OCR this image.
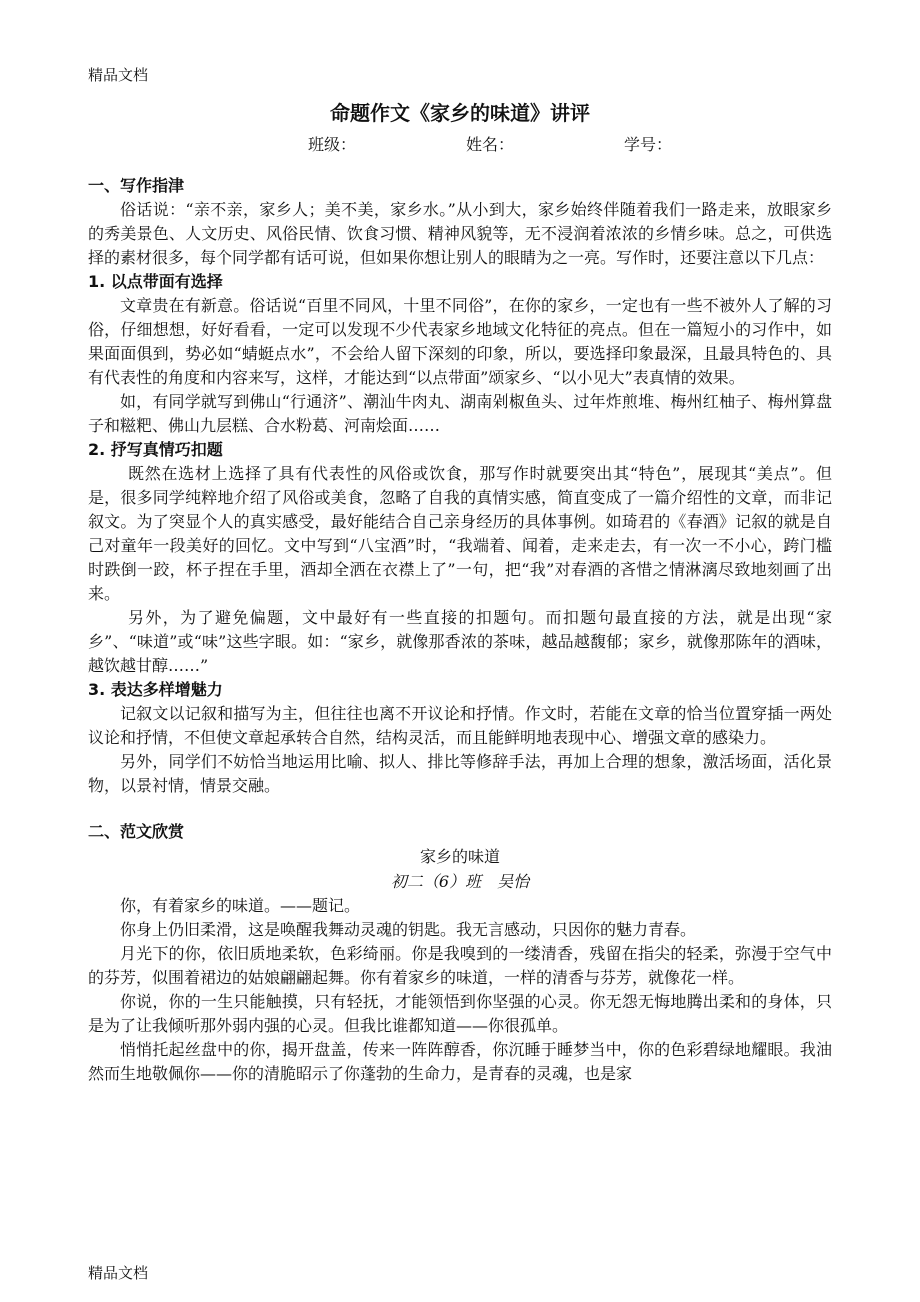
精品文档
命题作文《家乡的味道》讲评
班级：	姓名：	学号：
一、写作指津

俗话说：“亲不亲，家乡人；美不美，家乡水。”从小到大，家乡始终伴随着我们一路走来，放眼家乡的秀美景色、人文历史、风俗民情、饮食习惯、精神风貌等，无不浸润着浓浓的乡情乡味。总之，可供选择的素材很多，每个同学都有话可说，但如果你想让别人的眼睛为之一亮。写作时，还要注意以下几点：

1. 以点带面有选择

文章贵在有新意。俗话说“百里不同风，十里不同俗”，在你的家乡，一定也有一些不被外人了解的习俗，仔细想想，好好看看，一定可以发现不少代表家乡地域文化特征的亮点。但在一篇短小的习作中，如果面面俱到，势必如“蜻蜓点水”，不会给人留下深刻的印象，所以，要选择印象最深，且最具特色的、具有代表性的角度和内容来写，这样，才能达到“以点带面”颂家乡、“以小见大”表真情的效果。

如，有同学就写到佛山“行通济”、潮汕牛肉丸、湖南剁椒鱼头、过年炸煎堆、梅州红柚子、梅州算盘子和糍粑、佛山九层糕、合水粉葛、河南烩面……

2. 抒写真情巧扣题

既然在选材上选择了具有代表性的风俗或饮食，那写作时就要突出其“特色”，展现其“美点”。但是，很多同学纯粹地介绍了风俗或美食，忽略了自我的真情实感，简直变成了一篇介绍性的文章，而非记叙文。为了突显个人的真实感受，最好能结合自己亲身经历的具体事例。如琦君的《春酒》记叙的就是自己对童年一段美好的回忆。文中写到“八宝酒”时，“我端着、闻着，走来走去，有一次一不小心，跨门槛时跌倒一跤，杯子捏在手里，酒却全洒在衣襟上了”一句，把“我”对春酒的吝惜之情淋漓尽致地刻画了出来。

另外，为了避免偏题，文中最好有一些直接的扣题句。而扣题句最直接的方法，就是出现“家乡”、“味道”或“味”这些字眼。如：“家乡，就像那香浓的茶味，越品越馥郁；家乡，就像那陈年的酒味，越饮越甘醇……”

3. 表达多样增魅力

记叙文以记叙和描写为主，但往往也离不开议论和抒情。作文时，若能在文章的恰当位置穿插一两处议论和抒情，不但使文章起承转合自然，结构灵活，而且能鲜明地表现中心、增强文章的感染力。

另外，同学们不妨恰当地运用比喻、拟人、排比等修辞手法，再加上合理的想象，激活场面，活化景物，以景衬情，情景交融。

二、范文欣赏
家乡的味道
初二（6）班　吴怡

你，有着家乡的味道。——题记。

你身上仍旧柔滑，这是唤醒我舞动灵魂的钥匙。我无言感动，只因你的魅力青春。

月光下的你，依旧质地柔软，色彩绮丽。你是我嗅到的一缕清香，残留在指尖的轻柔，弥漫于空气中的芬芳，似围着裙边的姑娘翩翩起舞。你有着家乡的味道，一样的清香与芬芳，就像花一样。

你说，你的一生只能触摸，只有轻抚，才能领悟到你坚强的心灵。你无怨无悔地腾出柔和的身体，只是为了让我倾听那外弱内强的心灵。但我比谁都知道——你很孤单。

悄悄托起丝盘中的你，揭开盘盖，传来一阵阵醇香，你沉睡于睡梦当中，你的色彩碧绿地耀眼。我油然而生地敬佩你——你的清脆昭示了你蓬勃的生命力，是青春的灵魂，也是家

精品文档
